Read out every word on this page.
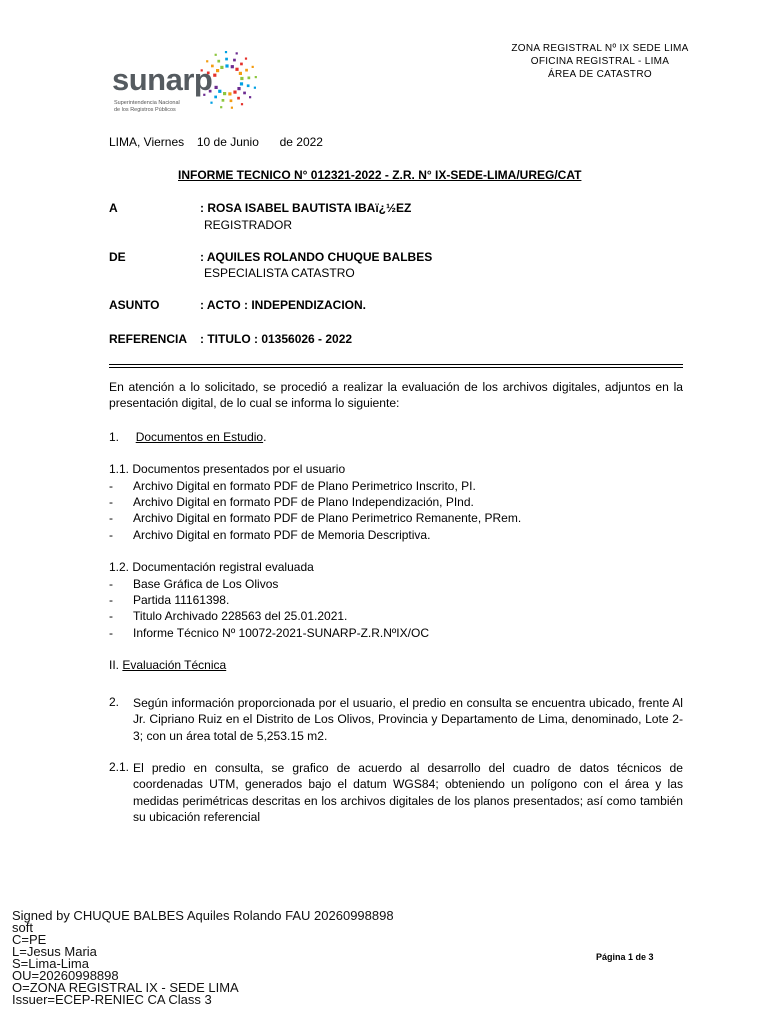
ZONA REGISTRAL Nº IX SEDE LIMA
OFICINA REGISTRAL - LIMA
ÁREA DE CATASTRO
sunarp
Superintendencia Nacional
de los Registros Públicos
LIMA, Viernes 10 de Junio de 2022
INFORME TECNICO N° 012321-2022 - Z.R. N° IX-SEDE-LIMA/UREG/CAT
A	: ROSA ISABEL BAUTISTA IBAï¿½EZ
REGISTRADOR
DE	: AQUILES ROLANDO CHUQUE BALBES
ESPECIALISTA CATASTRO
ASUNTO	: ACTO : INDEPENDIZACION.
REFERENCIA : TITULO : 01356026 - 2022
En atención a lo solicitado, se procedió a realizar la evaluación de los archivos digitales, adjuntos en la presentación digital, de lo cual se informa lo siguiente:
1. Documentos en Estudio.
1.1. Documentos presentados por el usuario
- Archivo Digital en formato PDF de Plano Perimetrico Inscrito, PI.
- Archivo Digital en formato PDF de Plano Independización, PInd.
- Archivo Digital en formato PDF de Plano Perimetrico Remanente, PRem.
- Archivo Digital en formato PDF de Memoria Descriptiva.
1.2. Documentación registral evaluada
- Base Gráfica de Los Olivos
- Partida 11161398.
- Titulo Archivado 228563 del 25.01.2021.
- Informe Técnico Nº 10072-2021-SUNARP-Z.R.NºIX/OC
II. Evaluación Técnica
2. Según información proporcionada por el usuario, el predio en consulta se encuentra ubicado, frente Al Jr. Cipriano Ruiz en el Distrito de Los Olivos, Provincia y Departamento de Lima, denominado, Lote 2-3; con un área total de 5,253.15 m2.
2.1. El predio en consulta, se grafico de acuerdo al desarrollo del cuadro de datos técnicos de coordenadas UTM, generados bajo el datum WGS84; obteniendo un polígono con el área y las medidas perimétricas descritas en los archivos digitales de los planos presentados; así como también su ubicación referencial
Signed by CHUQUE BALBES Aquiles Rolando FAU 20260998898
soft
C=PE
L=Jesus Maria
S=Lima-Lima
OU=20260998898
O=ZONA REGISTRAL IX - SEDE LIMA
Issuer=ECEP-RENIEC CA Class 3
Página 1 de 3
